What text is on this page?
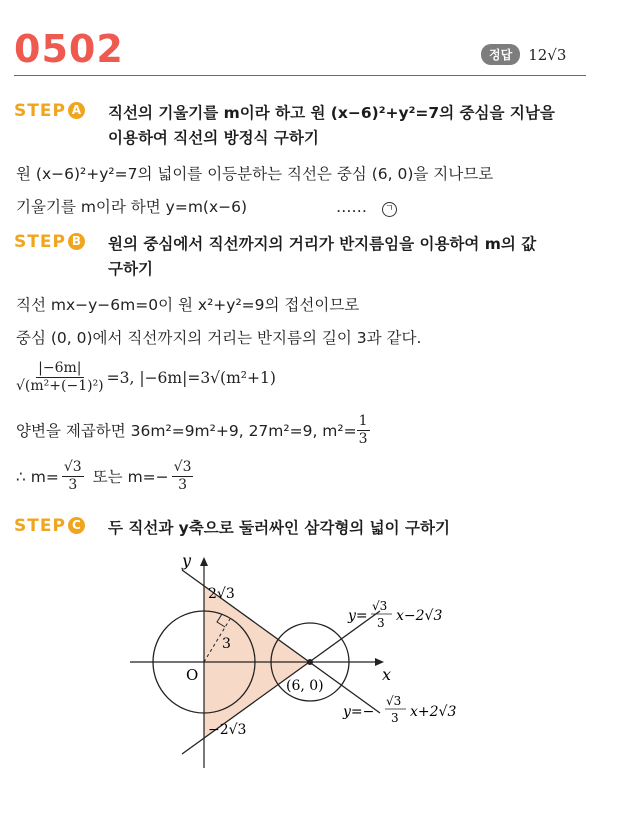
0502	정답	12√3
STEP A	직선의 기울기를 m이라 하고 원 (x−6)²+y²=7의 중심을 지남을
이용하여 직선의 방정식 구하기
원 (x−6)²+y²=7의 넓이를 이등분하는 직선은 중심 (6, 0)을 지나므로
기울기를 m이라 하면 y=m(x−6)	……	ㄱ
STEP B	원의 중심에서 직선까지의 거리가 반지름임을 이용하여 m의 값
구하기
직선 mx−y−6m=0이 원 x²+y²=9의 접선이므로
중심 (0, 0)에서 직선까지의 거리는 반지름의 길이 3과 같다.
$\frac{|-6m|}{\text{√(m²+(−1)²)}} =3$, |−6m|=3√(m²+1)
양변을 제곱하면 36m²=9m²+9, 27m²=9, $m^2= \frac{1}{3}$
∴ $m= \frac{√3}{3}$ 또는 $m=- \frac{√3}{3}$
STEP C	두 직선과 y축으로 둘러싸인 삼각형의 넓이 구하기
x
y
O
2√3
−2√3
3
(6, 0)
y=
√3
3 x−2√3
y=−
√3
3 x+2√3
